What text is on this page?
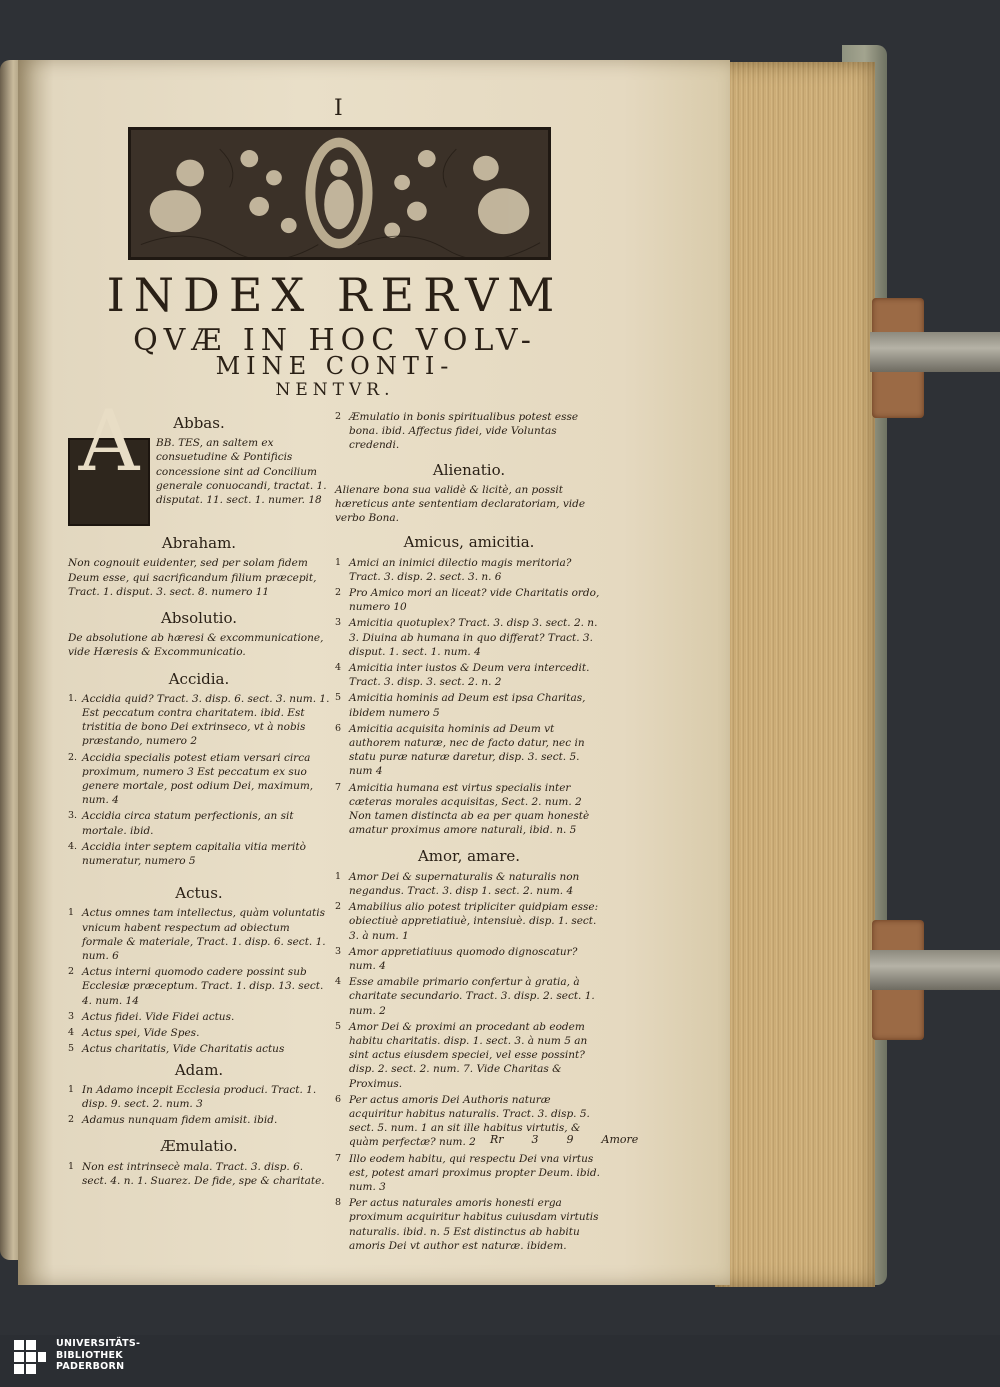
I
INDEX RERVM
QVÆ IN HOC VOLV-
MINE CONTI-
NENTVR.
Abbas.
A	BB. TES, an saltem ex consuetudine & Pontificis concessione sint ad Concilium generale conuocandi, tractat. 1. disputat. 11. sect. 1. numer. 18
Abraham.
Non cognouit euidenter, sed per solam fidem Deum esse, qui sacrificandum filium præcepit, Tract. 1. disput. 3. sect. 8. numero 11
Absolutio.
De absolutione ab hæresi & excommunicatione, vide Hæresis & Excommunicatio.
Accidia.
1. Accidia quid? Tract. 3. disp. 6. sect. 3. num. 1. Est peccatum contra charitatem. ibid. Est tristitia de bono Dei extrinseco, vt à nobis præstando, numero 2
2. Accidia specialis potest etiam versari circa proximum, numero 3 Est peccatum ex suo genere mortale, post odium Dei, maximum, num. 4
3. Accidia circa statum perfectionis, an sit mortale. ibid.
4. Accidia inter septem capitalia vitia meritò numeratur, numero 5
Actus.
1 Actus omnes tam intellectus, quàm voluntatis vnicum habent respectum ad obiectum formale & materiale, Tract. 1. disp. 6. sect. 1. num. 6
2 Actus interni quomodo cadere possint sub Ecclesiæ præceptum. Tract. 1. disp. 13. sect. 4. num. 14
3 Actus fidei. Vide Fidei actus.
4 Actus spei, Vide Spes.
5 Actus charitatis, Vide Charitatis actus
Adam.
1 In Adamo incepit Ecclesia produci. Tract. 1. disp. 9. sect. 2. num. 3
2 Adamus nunquam fidem amisit. ibid.
Æmulatio.
1 Non est intrinsecè mala. Tract. 3. disp. 6. sect. 4. n. 1. Suarez. De fide, spe & charitate.
2 Æmulatio in bonis spiritualibus potest esse bona. ibid. Affectus fidei, vide Voluntas credendi.
Alienatio.
Alienare bona sua validè & licitè, an possit hæreticus ante sententiam declaratoriam, vide verbo Bona.
Amicus, amicitia.
1 Amici an inimici dilectio magis meritoria? Tract. 3. disp. 2. sect. 3. n. 6
2 Pro Amico mori an liceat? vide Charitatis ordo, numero 10
3 Amicitia quotuplex? Tract. 3. disp 3. sect. 2. n. 3. Diuina ab humana in quo differat? Tract. 3. disput. 1. sect. 1. num. 4
4 Amicitia inter iustos & Deum vera intercedit. Tract. 3. disp. 3. sect. 2. n. 2
5 Amicitia hominis ad Deum est ipsa Charitas, ibidem numero 5
6 Amicitia acquisita hominis ad Deum vt authorem naturæ, nec de facto datur, nec in statu puræ naturæ daretur, disp. 3. sect. 5. num 4
7 Amicitia humana est virtus specialis inter cæteras morales acquisitas, Sect. 2. num. 2 Non tamen distincta ab ea per quam honestè amatur proximus amore naturali, ibid. n. 5
Amor, amare.
1 Amor Dei & supernaturalis & naturalis non negandus. Tract. 3. disp 1. sect. 2. num. 4
2 Amabilius alio potest tripliciter quidpiam esse: obiectiuè appretiatiuè, intensiuè. disp. 1. sect. 3. à num. 1
3 Amor appretiatiuus quomodo dignoscatur? num. 4
4 Esse amabile primario confertur à gratia, à charitate secundario. Tract. 3. disp. 2. sect. 1. num. 2
5 Amor Dei & proximi an procedant ab eodem habitu charitatis. disp. 1. sect. 3. à num 5 an sint actus eiusdem speciei, vel esse possint? disp. 2. sect. 2. num. 7. Vide Charitas & Proximus.
6 Per actus amoris Dei Authoris naturæ acquiritur habitus naturalis. Tract. 3. disp. 5. sect. 5. num. 1 an sit ille habitus virtutis, & quàm perfectæ? num. 2
7 Illo eodem habitu, qui respectu Dei vna virtus est, potest amari proximus propter Deum. ibid. num. 3
8 Per actus naturales amoris honesti erga proximum acquiritur habitus cuiusdam virtutis naturalis. ibid. n. 5 Est distinctus ab habitu amoris Dei vt author est naturæ. ibidem.
Rr	3	9	Amore
UNIVERSITÄTS-
BIBLIOTHEK
PADERBORN
